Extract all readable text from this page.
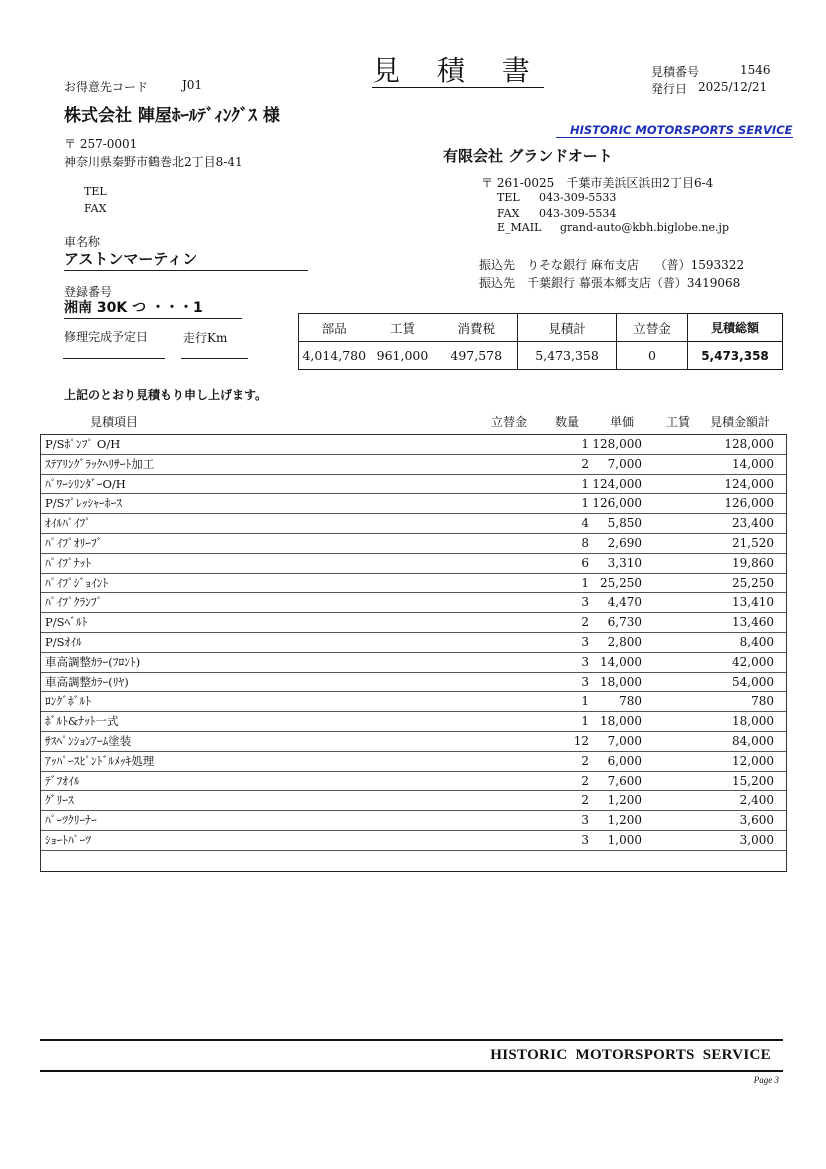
見 積 書	見積番号	1546
発行日 2025/12/21
お得意先コード	J01
株式会社 陣屋ﾎｰﾙﾃﾞｨﾝｸﾞｽ 様
〒 257-0001
神奈川県秦野市鶴巻北2丁目8-41
TEL
FAX
車名称
アストンマーティン
登録番号
湘南 30K つ ・・・1
修理完成予定日	走行Km
HISTORIC MOTORSPORTS SERVICE
有限会社 グランドオート
〒 261-0025　千葉市美浜区浜田2丁目6-4
TEL 043-309-5533
FAX 043-309-5534
E_MAIL grand-auto@kbh.biglobe.ne.jp
振込先　りそな銀行 麻布支店　 （普）1593322
振込先　千葉銀行 幕張本郷支店（普）3419068
部品	工賃	消費税	見積計	立替金	見積総額
4,014,780	961,000	497,578	5,473,358	0	5,473,358
上記のとおり見積もり申し上げます。
見積項目	立替金 数量	単価	工賃 見積金額計
P/Sﾎﾟﾝﾌﾟ O/H	1 128,000	128,000
ｽﾃｱﾘﾝｸﾞﾗｯｸﾍﾘｻｰﾄ加工	2 7,000	14,000
ﾊﾟﾜｰｼﾘﾝﾀﾞｰO/H	1 124,000	124,000
P/Sﾌﾟﾚｯｼｬｰﾎｰｽ	1 126,000	126,000
ｵｲﾙﾊﾟｲﾌﾟ	4 5,850	23,400
ﾊﾟｲﾌﾟｵﾘｰﾌﾞ	8 2,690	21,520
ﾊﾟｲﾌﾟﾅｯﾄ	6 3,310	19,860
ﾊﾟｲﾌﾟｼﾞｮｲﾝﾄ	1 25,250	25,250
ﾊﾟｲﾌﾟｸﾗﾝﾌﾟ	3 4,470	13,410
P/Sﾍﾞﾙﾄ	2 6,730	13,460
P/Sｵｲﾙ	3 2,800	8,400
車高調整ｶﾗｰ(ﾌﾛﾝﾄ)	3 14,000	42,000
車高調整ｶﾗｰ(ﾘﾔ)	3 18,000	54,000
ﾛﾝｸﾞﾎﾞﾙﾄ	1	780	780
ﾎﾞﾙﾄ&ﾅｯﾄ一式	1 18,000	18,000
ｻｽﾍﾟﾝｼｮﾝｱｰﾑ塗装	12 7,000	84,000
ｱｯﾊﾟｰｽﾋﾟﾝﾄﾞﾙﾒｯｷ処理	2 6,000	12,000
ﾃﾞﾌｵｲﾙ	2 7,600	15,200
ｸﾞﾘｰｽ	2 1,200	2,400
ﾊﾟｰﾂｸﾘｰﾅｰ	3 1,200	3,600
ｼｮｰﾄﾊﾟｰﾂ	3 1,000	3,000
HISTORIC MOTORSPORTS SERVICE
Page 3
